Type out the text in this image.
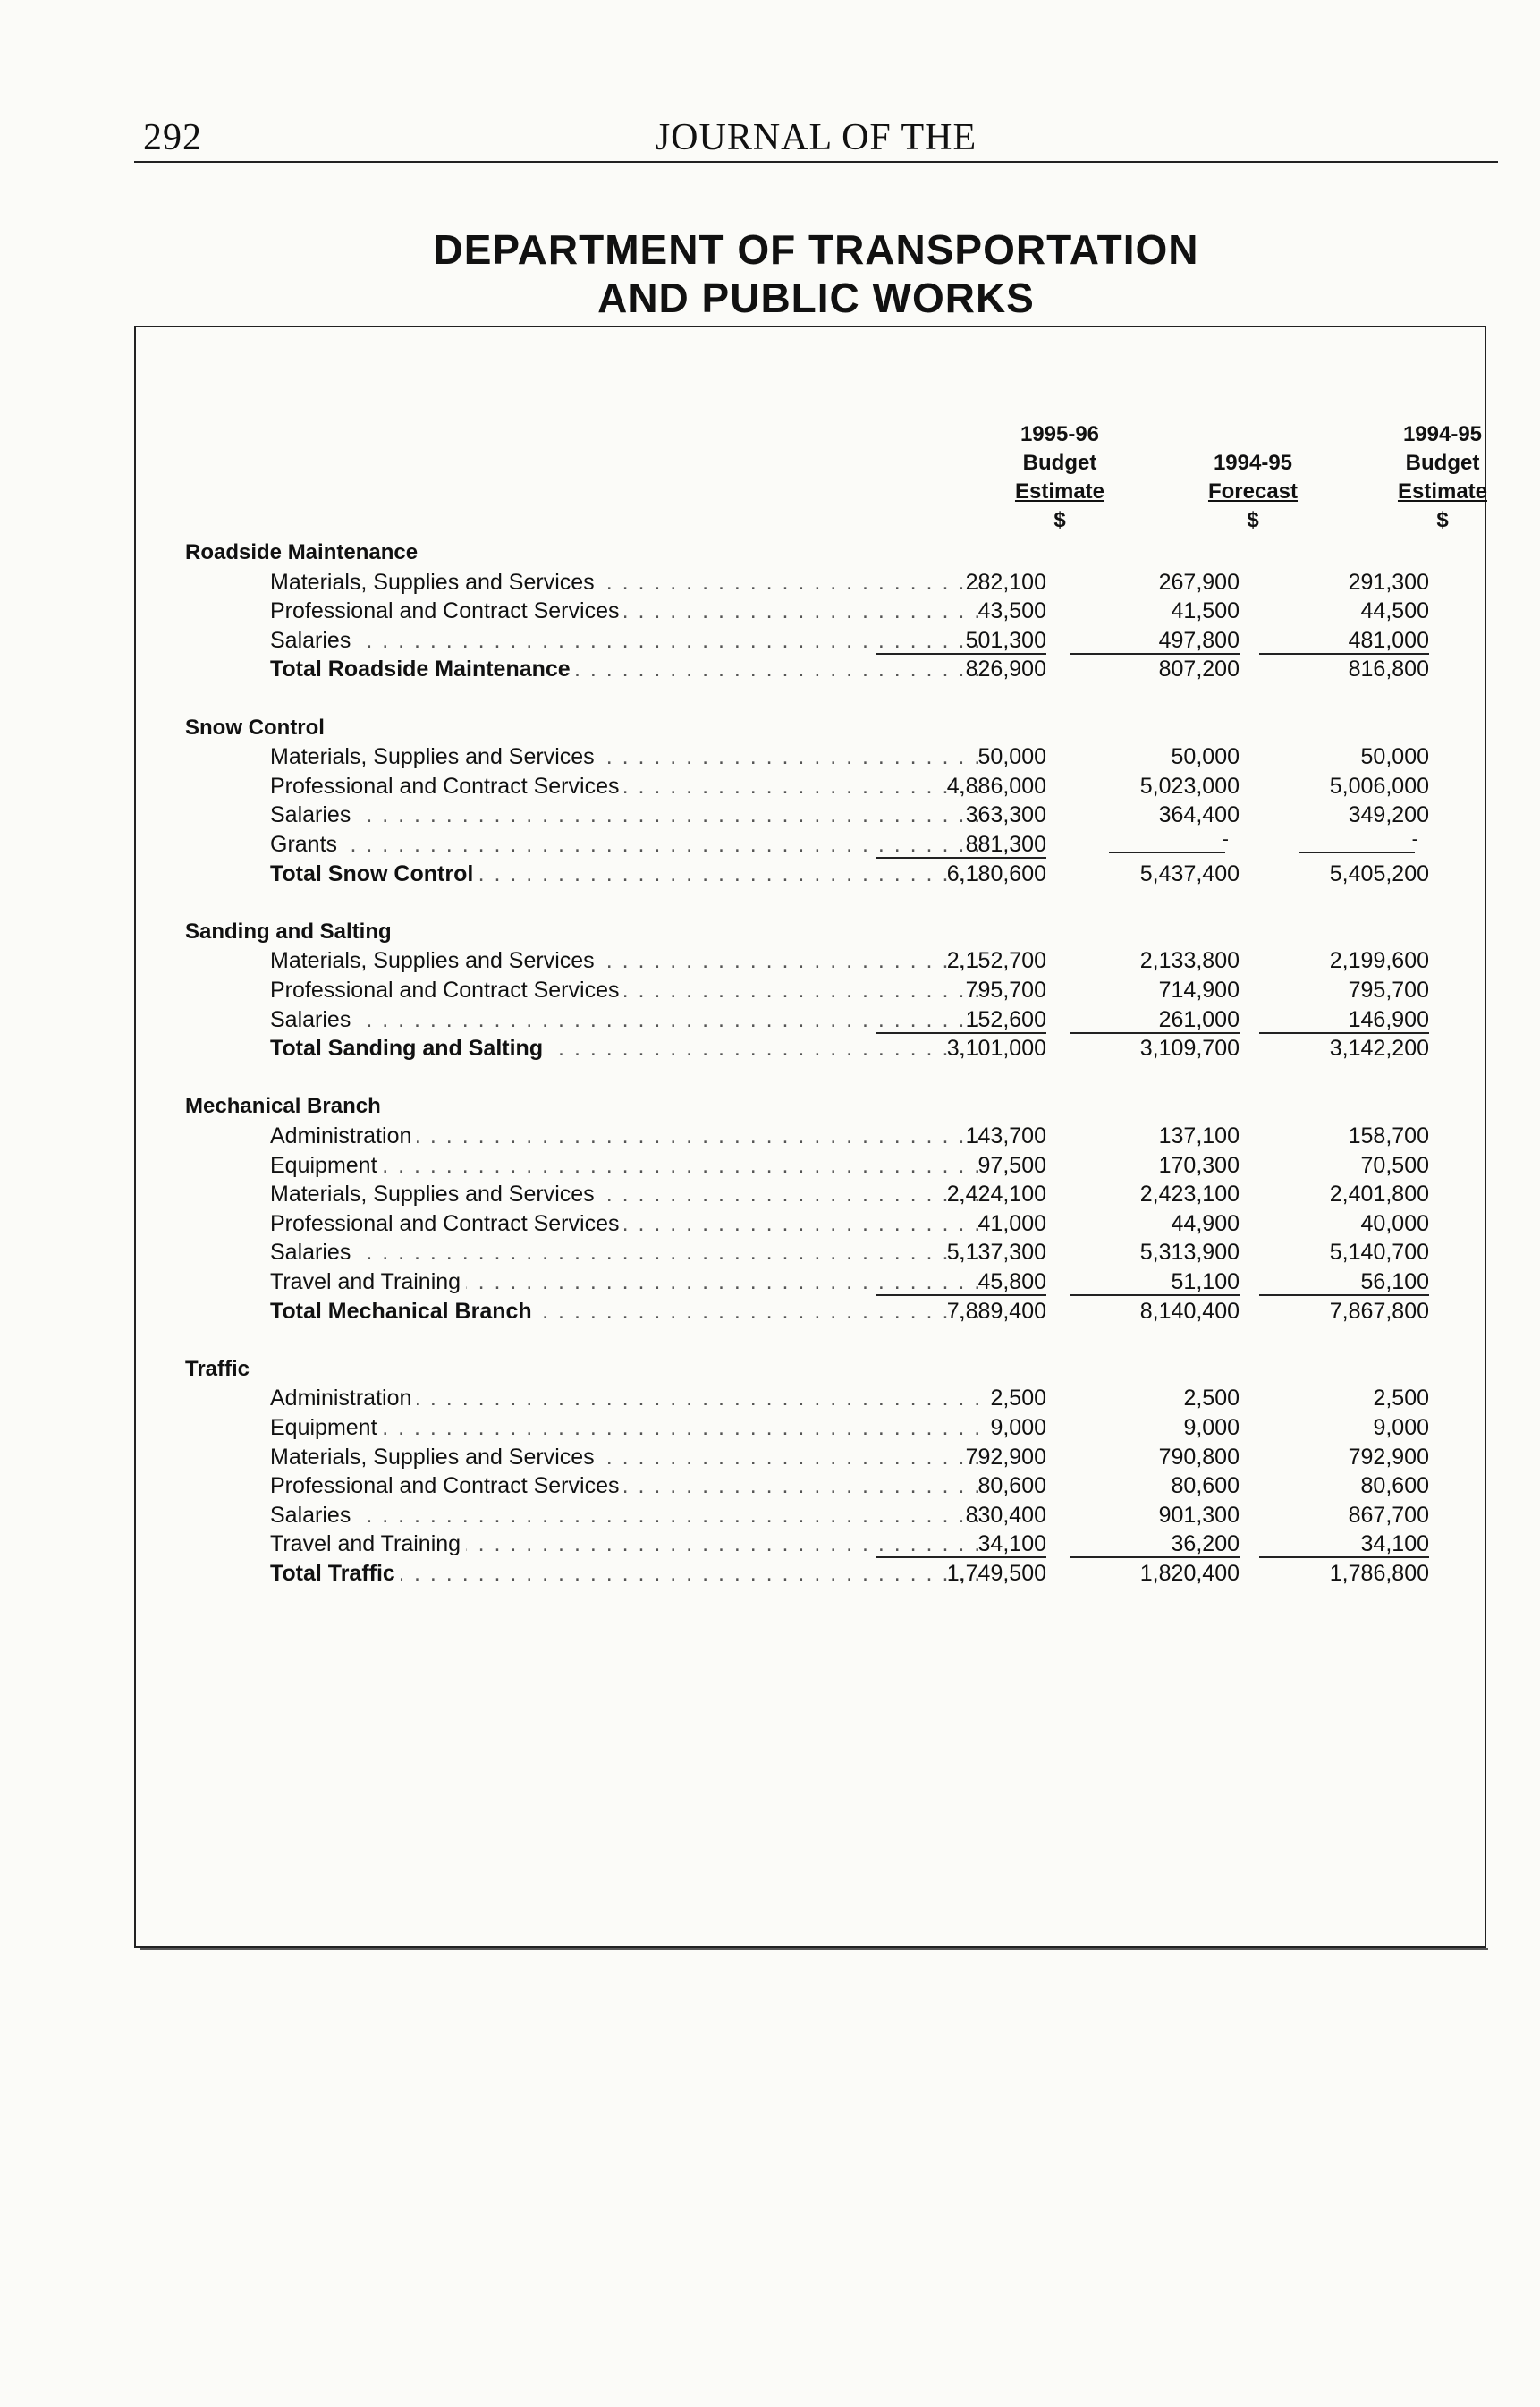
292	JOURNAL OF THE
DEPARTMENT OF TRANSPORTATION
AND PUBLIC WORKS
1995-96
Budget
Estimate
$

1994-95
Forecast
$
1994-95
Budget
Estimate
$
Roadside Maintenance
Materials, Supplies and Services . . .	282,100	267,900	291,300
Professional and Contract Services . . .	43,500	41,500	44,500
Salaries . . .	501,300	497,800	481,000
Total Roadside Maintenance . . .	826,900	807,200	816,800
Snow Control
Materials, Supplies and Services . . .	50,000	50,000	50,000
Professional and Contract Services . . .	4,886,000	5,023,000	5,006,000
Salaries . . .	363,300	364,400	349,200
Grants . . .	881,300	-	-
Total Snow Control . . .	6,180,600	5,437,400	5,405,200
Sanding and Salting
Materials, Supplies and Services . . .	2,152,700	2,133,800	2,199,600
Professional and Contract Services . . .	795,700	714,900	795,700
Salaries . . .	152,600	261,000	146,900
Total Sanding and Salting . . .	3,101,000	3,109,700	3,142,200
Mechanical Branch
Administration . . .	143,700	137,100	158,700
Equipment . . .	97,500	170,300	70,500
Materials, Supplies and Services . . .	2,424,100	2,423,100	2,401,800
Professional and Contract Services . . .	41,000	44,900	40,000
Salaries . . .	5,137,300	5,313,900	5,140,700
Travel and Training . . .	45,800	51,100	56,100
Total Mechanical Branch . . .	7,889,400	8,140,400	7,867,800
Traffic
Administration . . .	2,500	2,500	2,500
Equipment . . .	9,000	9,000	9,000
Materials, Supplies and Services . . .	792,900	790,800	792,900
Professional and Contract Services . . .	80,600	80,600	80,600
Salaries . . .	830,400	901,300	867,700
Travel and Training . . .	34,100	36,200	34,100
Total Traffic . . .	1,749,500	1,820,400	1,786,800
